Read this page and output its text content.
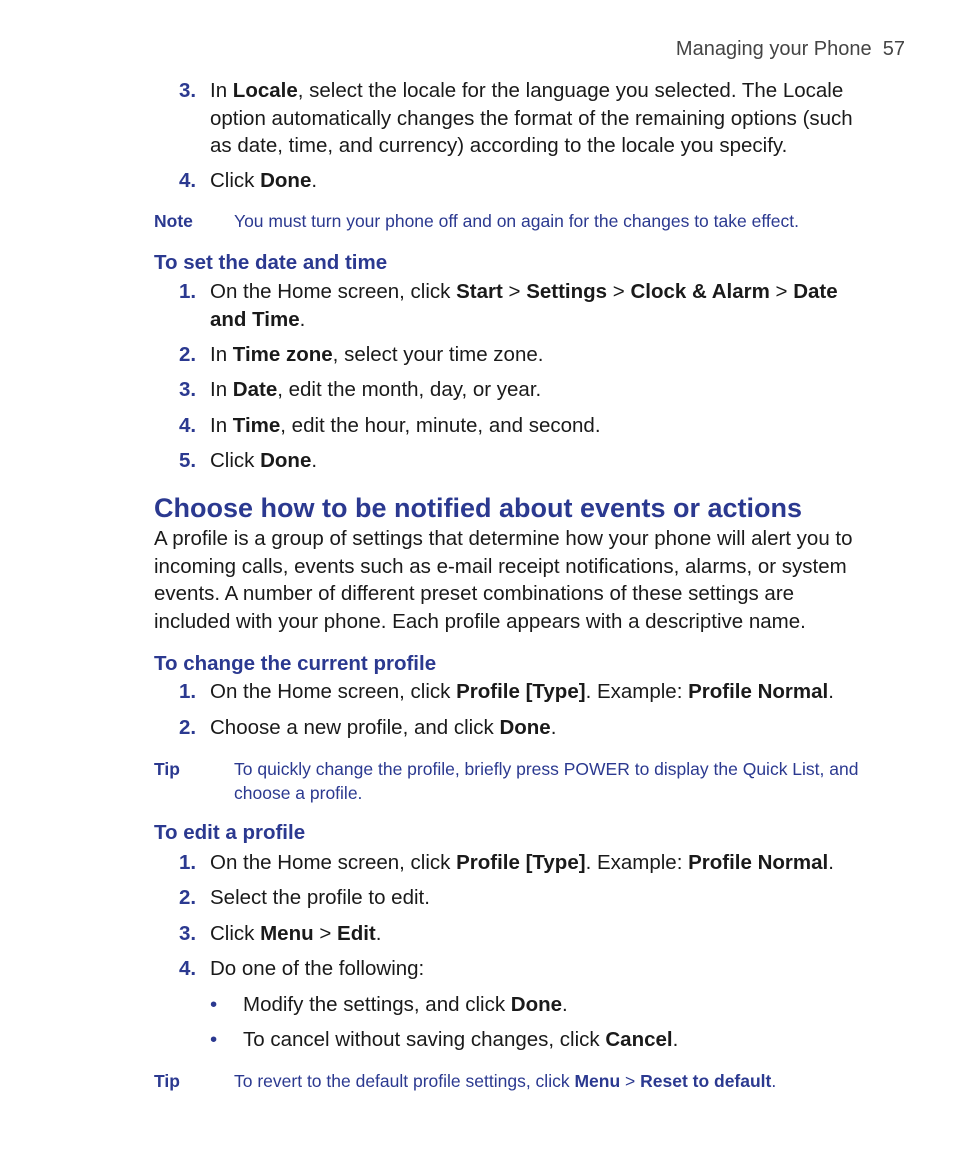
Managing your Phone 57
3. In Locale, select the locale for the language you selected. The Locale option automatically changes the format of the remaining options (such as date, time, and currency) according to the locale you specify.
4. Click Done.
Note You must turn your phone off and on again for the changes to take effect.
To set the date and time
1. On the Home screen, click Start > Settings > Clock & Alarm > Date and Time.
2. In Time zone, select your time zone.
3. In Date, edit the month, day, or year.
4. In Time, edit the hour, minute, and second.
5. Click Done.
Choose how to be notified about events or actions
A profile is a group of settings that determine how your phone will alert you to incoming calls, events such as e-mail receipt notifications, alarms, or system events. A number of different preset combinations of these settings are included with your phone. Each profile appears with a descriptive name.
To change the current profile
1. On the Home screen, click Profile [Type]. Example: Profile Normal.
2. Choose a new profile, and click Done.
Tip	To quickly change the profile, briefly press POWER to display the Quick List, and choose a profile.
To edit a profile
1. On the Home screen, click Profile [Type]. Example: Profile Normal.
2. Select the profile to edit.
3. Click Menu > Edit.
4. Do one of the following:
• Modify the settings, and click Done.
• To cancel without saving changes, click Cancel.
Tip	To revert to the default profile settings, click Menu > Reset to default.
